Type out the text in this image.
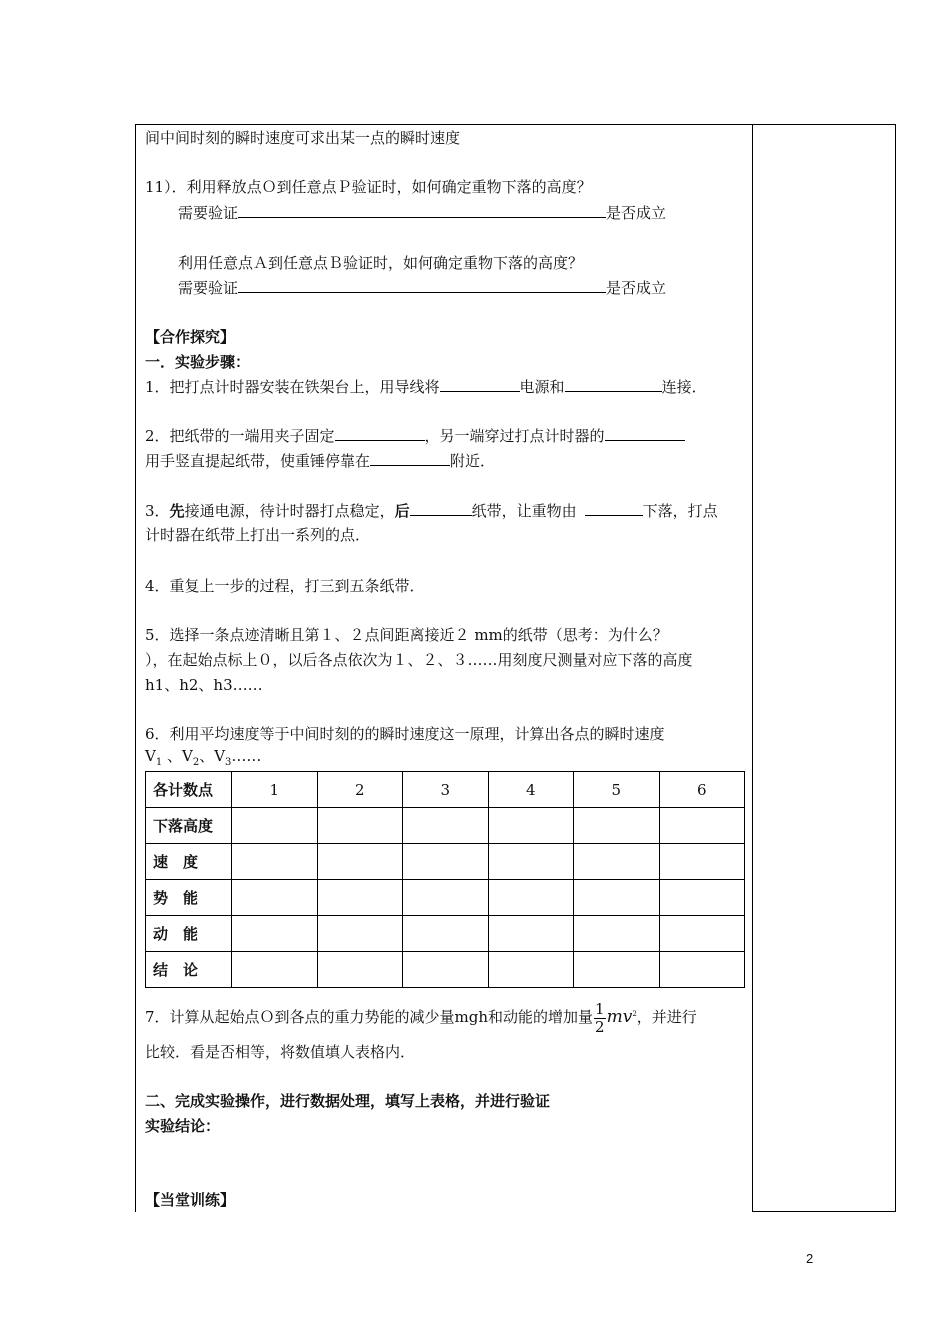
间中间时刻的瞬时速度可求出某一点的瞬时速度
11）．利用释放点Ｏ到任意点Ｐ验证时，如何确定重物下落的高度？
需要验证	是否成立
利用任意点Ａ到任意点Ｂ验证时，如何确定重物下落的高度？
需要验证	是否成立
【合作探究】
一．实验步骤：
1．把打点计时器安装在铁架台上，用导线将	电源和	连接．
2．把纸带的一端用夹子固定	，另一端穿过打点计时器的
用手竖直提起纸带，使重锤停靠在	附近．
3．先接通电源，待计时器打点稳定，后	纸带，让重物由	下落，打点
计时器在纸带上打出一系列的点．
4．重复上一步的过程，打三到五条纸带．
5．选择一条点迹清晰且第１、２点间距离接近２ mm的纸带（思考：为什么？
），在起始点标上０，以后各点依次为１、２、３……用刻度尺测量对应下落的高度
h1、h2、h3……
6．利用平均速度等于中间时刻的的瞬时速度这一原理，计算出各点的瞬时速度
$V_1$ 、$V_2$、$V_3\dots\dots$
各计数点	1	2	3	4	5	6
下落高度						
速　度						
势　能						
动　能						
结　论						
7．计算从起始点Ｏ到各点的重力势能的减少量mgh和动能的增加量 $\frac{1}{2} mv^2$，并进行
比较．看是否相等，将数值填人表格内．
二、完成实验操作，进行数据处理，填写上表格，并进行验证
实验结论：
【当堂训练】
2
